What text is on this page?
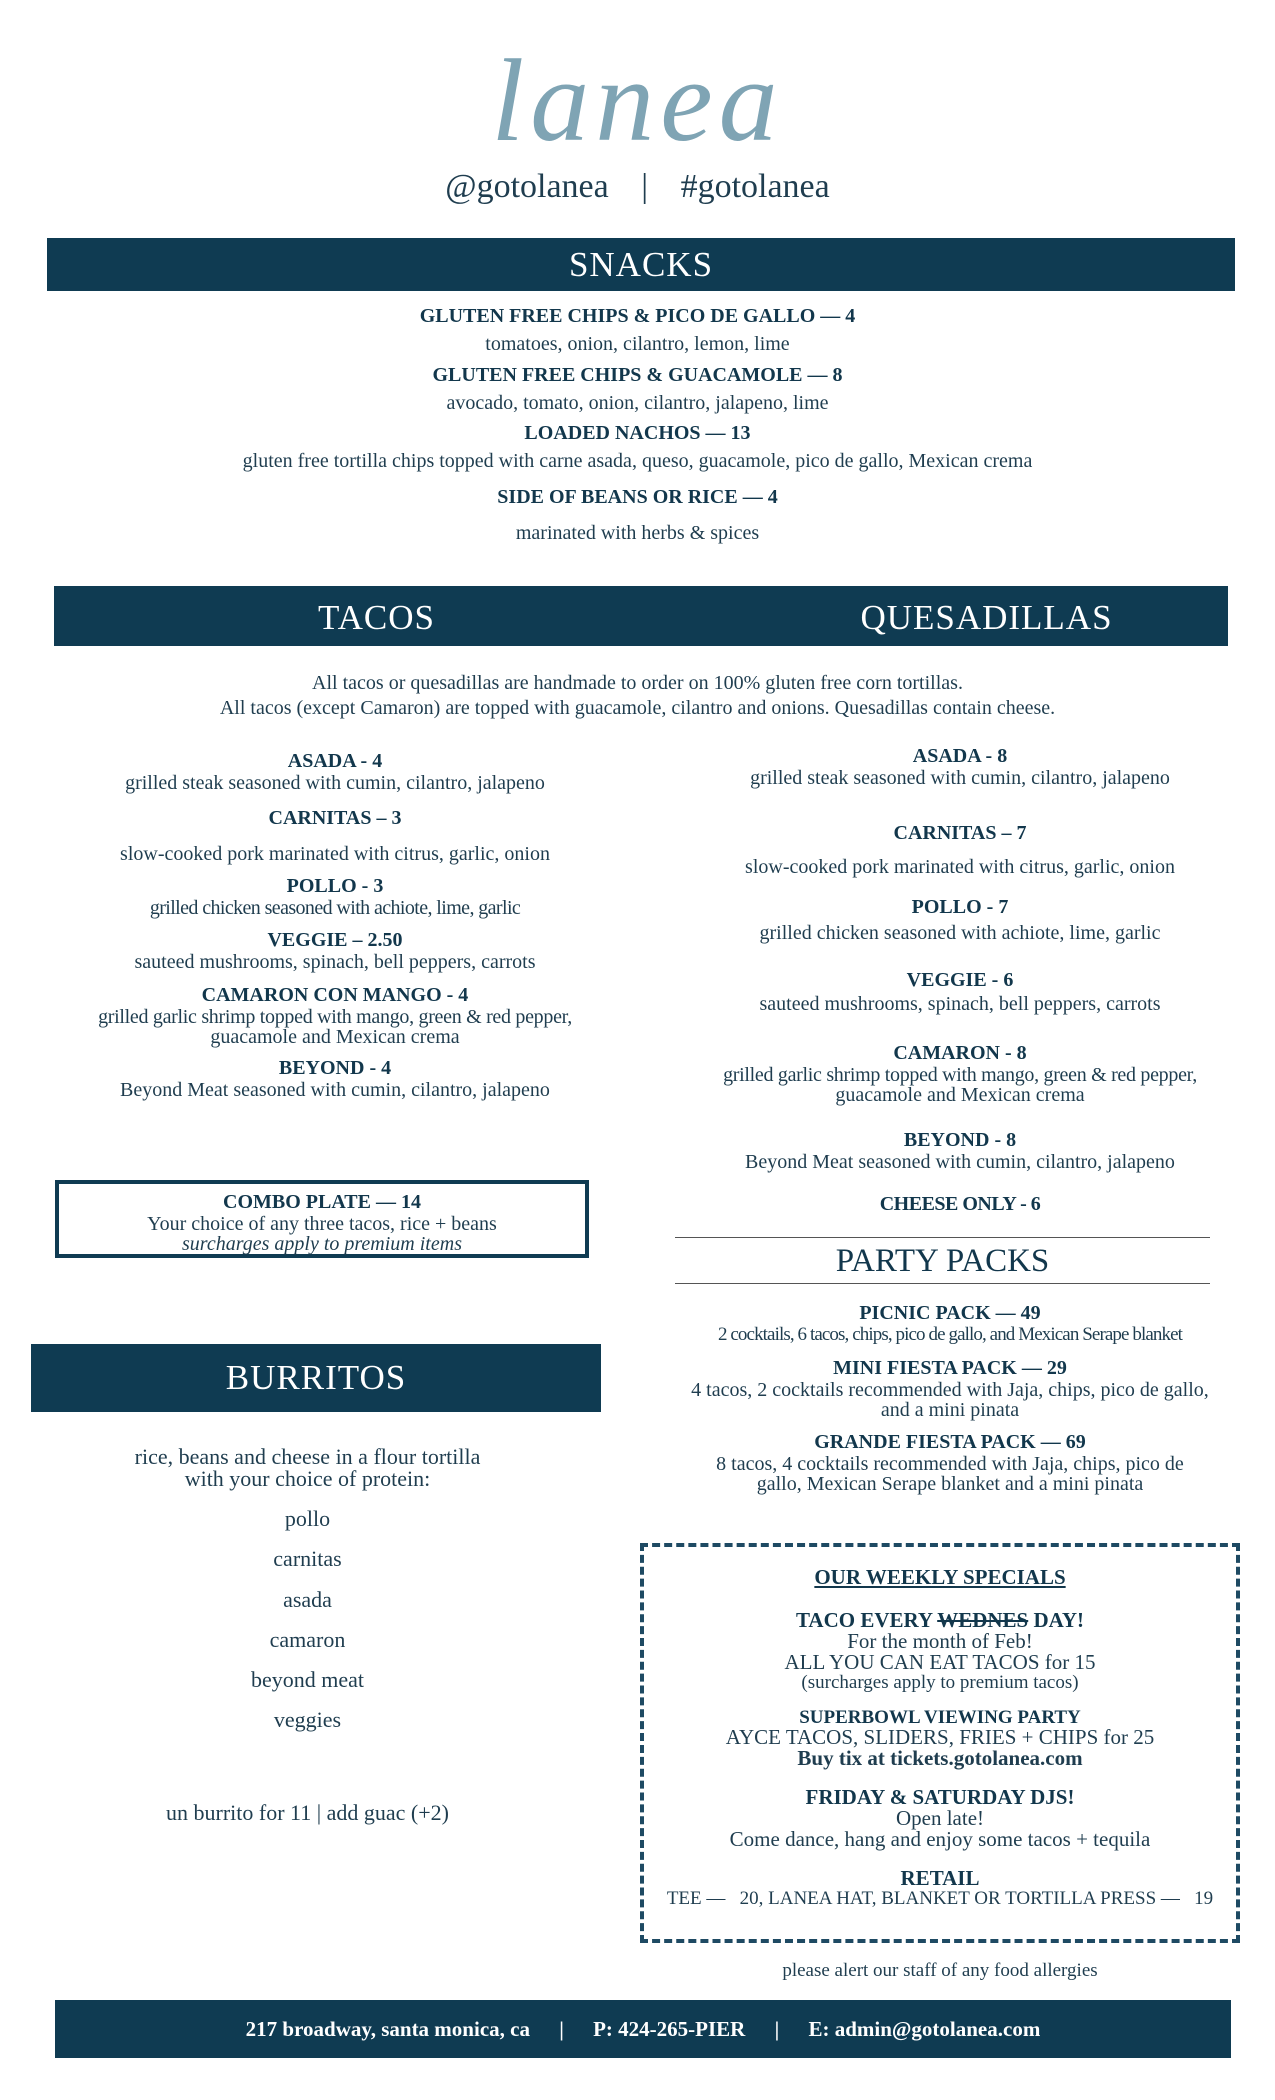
lanea
@gotolanea | #gotolanea
SNACKS
GLUTEN FREE CHIPS & PICO DE GALLO — 4
tomatoes, onion, cilantro, lemon, lime
GLUTEN FREE CHIPS & GUACAMOLE — 8
avocado, tomato, onion, cilantro, jalapeno, lime
LOADED NACHOS — 13
gluten free tortilla chips topped with carne asada, queso, guacamole, pico de gallo, Mexican crema
SIDE OF BEANS OR RICE — 4
marinated with herbs & spices
TACOS	QUESADILLAS
All tacos or quesadillas are handmade to order on 100% gluten free corn tortillas.
All tacos (except Camaron) are topped with guacamole, cilantro and onions. Quesadillas contain cheese.
ASADA - 4
grilled steak seasoned with cumin, cilantro, jalapeno
CARNITAS – 3
slow-cooked pork marinated with citrus, garlic, onion
POLLO - 3
grilled chicken seasoned with achiote, lime, garlic
VEGGIE – 2.50
sauteed mushrooms, spinach, bell peppers, carrots
CAMARON CON MANGO - 4
grilled garlic shrimp topped with mango, green & red pepper,
guacamole and Mexican crema
BEYOND - 4
Beyond Meat seasoned with cumin, cilantro, jalapeno
COMBO PLATE — 14
Your choice of any three tacos, rice + beans
surcharges apply to premium items
ASADA - 8
grilled steak seasoned with cumin, cilantro, jalapeno
CARNITAS – 7
slow-cooked pork marinated with citrus, garlic, onion
POLLO - 7
grilled chicken seasoned with achiote, lime, garlic
VEGGIE - 6
sauteed mushrooms, spinach, bell peppers, carrots
CAMARON - 8
grilled garlic shrimp topped with mango, green & red pepper,
guacamole and Mexican crema
BEYOND - 8
Beyond Meat seasoned with cumin, cilantro, jalapeno
CHEESE ONLY - 6
PARTY PACKS
PICNIC PACK — 49
2 cocktails, 6 tacos, chips, pico de gallo, and Mexican Serape blanket
MINI FIESTA PACK — 29
4 tacos, 2 cocktails recommended with Jaja, chips, pico de gallo,
and a mini pinata
GRANDE FIESTA PACK — 69
8 tacos, 4 cocktails recommended with Jaja, chips, pico de
gallo, Mexican Serape blanket and a mini pinata
BURRITOS
rice, beans and cheese in a flour tortilla
with your choice of protein:
pollo
carnitas
asada
camaron
beyond meat
veggies
un burrito for 11 | add guac (+2)
OUR WEEKLY SPECIALS
TACO EVERY WEDNES DAY!
For the month of Feb!
ALL YOU CAN EAT TACOS for 15
(surcharges apply to premium tacos)
SUPERBOWL VIEWING PARTY
AYCE TACOS, SLIDERS, FRIES + CHIPS for 25
Buy tix at tickets.gotolanea.com
FRIDAY & SATURDAY DJS!
Open late!
Come dance, hang and enjoy some tacos + tequila
RETAIL
TEE —   20, LANEA HAT, BLANKET OR TORTILLA PRESS —   19
please alert our staff of any food allergies
217 broadway, santa monica, ca | P: 424-265-PIER | E: admin@gotolanea.com
